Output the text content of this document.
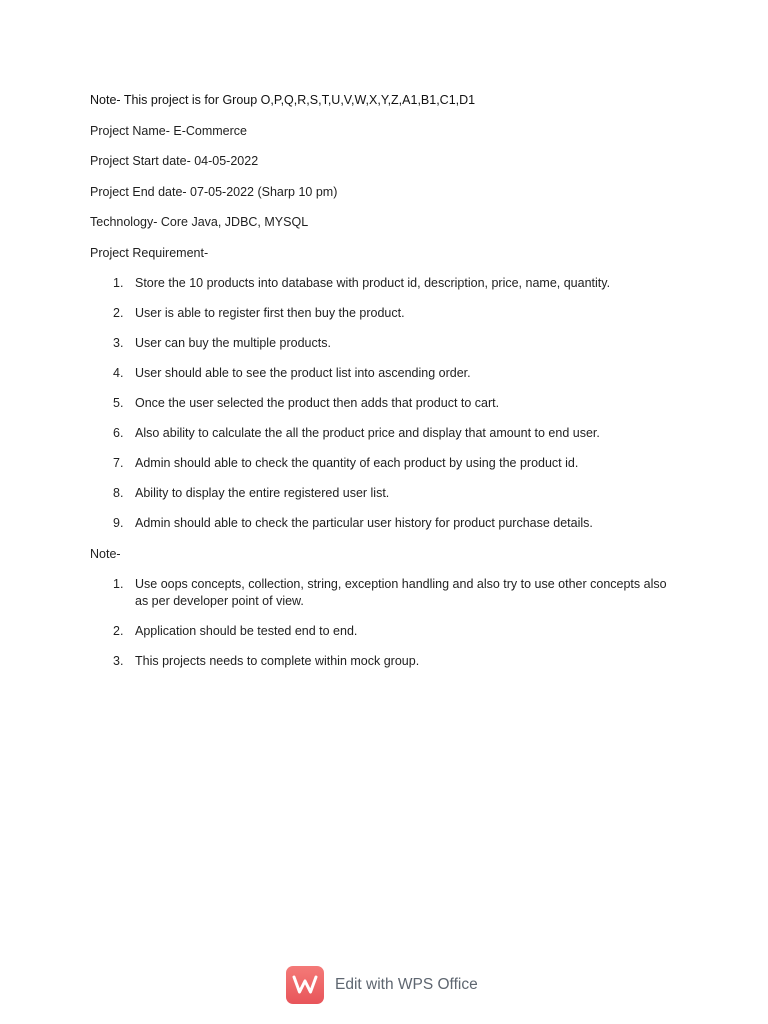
Note- This project is for Group O,P,Q,R,S,T,U,V,W,X,Y,Z,A1,B1,C1,D1

Project Name- E-Commerce

Project Start date- 04-05-2022

Project End date- 07-05-2022 (Sharp 10 pm)

Technology- Core Java, JDBC, MYSQL

Project Requirement-

1. Store the 10 products into database with product id, description, price, name, quantity.
2. User is able to register first then buy the product.
3. User can buy the multiple products.
4. User should able to see the product list into ascending order.
5. Once the user selected the product then adds that product to cart.
6. Also ability to calculate the all the product price and display that amount to end user.
7. Admin should able to check the quantity of each product by using the product id.
8. Ability to display the entire registered user list.
9. Admin should able to check the particular user history for product purchase details.

Note-

1. Use oops concepts, collection, string, exception handling and also try to use other concepts also as per developer point of view.
2. Application should be tested end to end.
3. This projects needs to complete within mock group.
Edit with WPS Office
